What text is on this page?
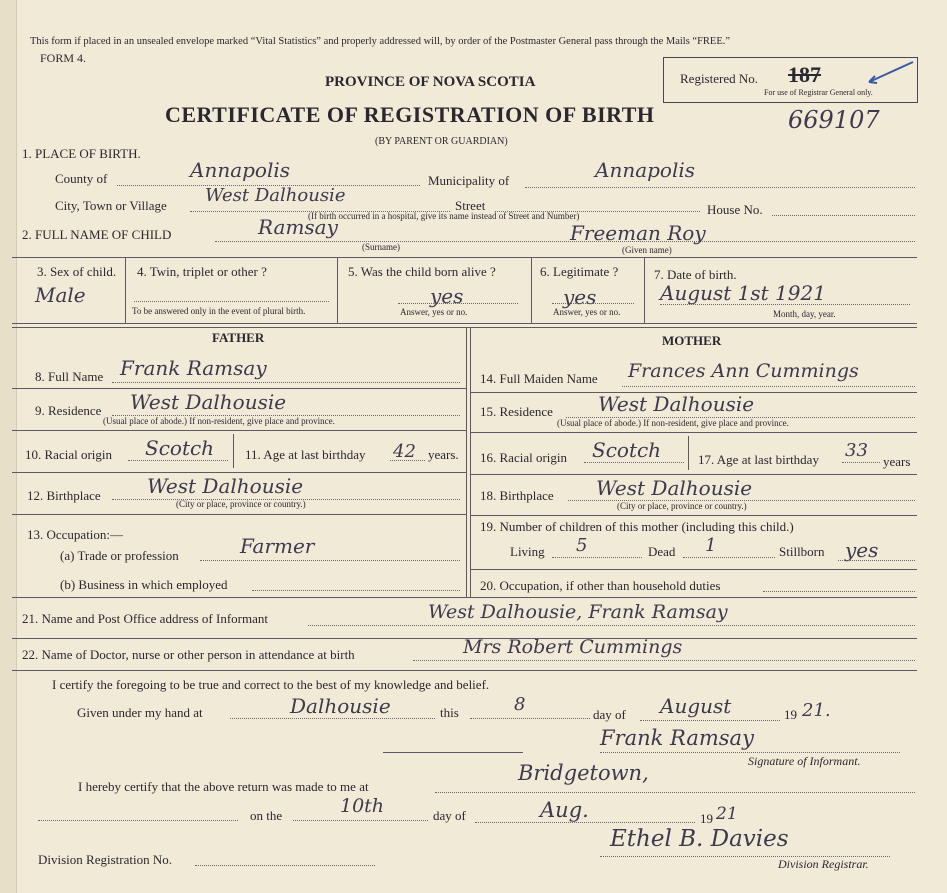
This form if placed in an unsealed envelope marked “Vital Statistics” and properly addressed will, by order of the Postmaster General pass through the Mails “FREE.”
FORM 4.
PROVINCE OF NOVA SCOTIA
CERTIFICATE OF REGISTRATION OF BIRTH
(BY PARENT OR GUARDIAN)
669107
Registered No. 187
For use of Registrar General only.
1. PLACE OF BIRTH.
County of	Annapolis	Municipality of	Annapolis
City, Town or Village West Dalhousie	Street	House No.
(If birth occurred in a hospital, give its name instead of Street and Number)
2. FULL NAME OF CHILD	Ramsay
(Surname)
Freeman Roy
(Given name)
3. Sex of child.
Male
4. Twin, triplet or other ?
To be answered only in the event of plural birth.
5. Was the child born alive ?
yes
Answer, yes or no.
6. Legitimate ?
yes
Answer, yes or no.
7. Date of birth.
August 1st 1921
Month, day, year.
FATHER	MOTHER
8. Full Name Frank Ramsay
9. Residence West Dalhousie
(Usual place of abode.) If non-resident, give place and province.
10. Racial origin Scotch 11. Age at last birthday 42 years.
12. Birthplace West Dalhousie
(City or place, province or country.)
13. Occupation:—
(a) Trade or profession	Farmer
(b) Business in which employed
14. Full Maiden Name Frances Ann Cummings
15. Residence West Dalhousie
(Usual place of abode.) If non-resident, give place and province.
16. Racial origin Scotch	17. Age at last birthday 33
years
18. Birthplace West Dalhousie
(City or place, province or country.)
19. Number of children of this mother (including this child.)
Living 5	Dead 1	Stillborn yes
20. Occupation, if other than household duties
21. Name and Post Office address of Informant	West Dalhousie, Frank Ramsay
22. Name of Doctor, nurse or other person in attendance at birth	Mrs Robert Cummings
I certify the foregoing to be true and correct to the best of my knowledge and belief.
Given under my hand at	Dalhousie	this	8	day of August	19 21.
Frank Ramsay
Signature of Informant.
I hereby certify that the above return was made to me at
Bridgetown,
on the	10th	day of	Aug.	19 21
Ethel B. Davies
Division Registrar.
Division Registration No.
